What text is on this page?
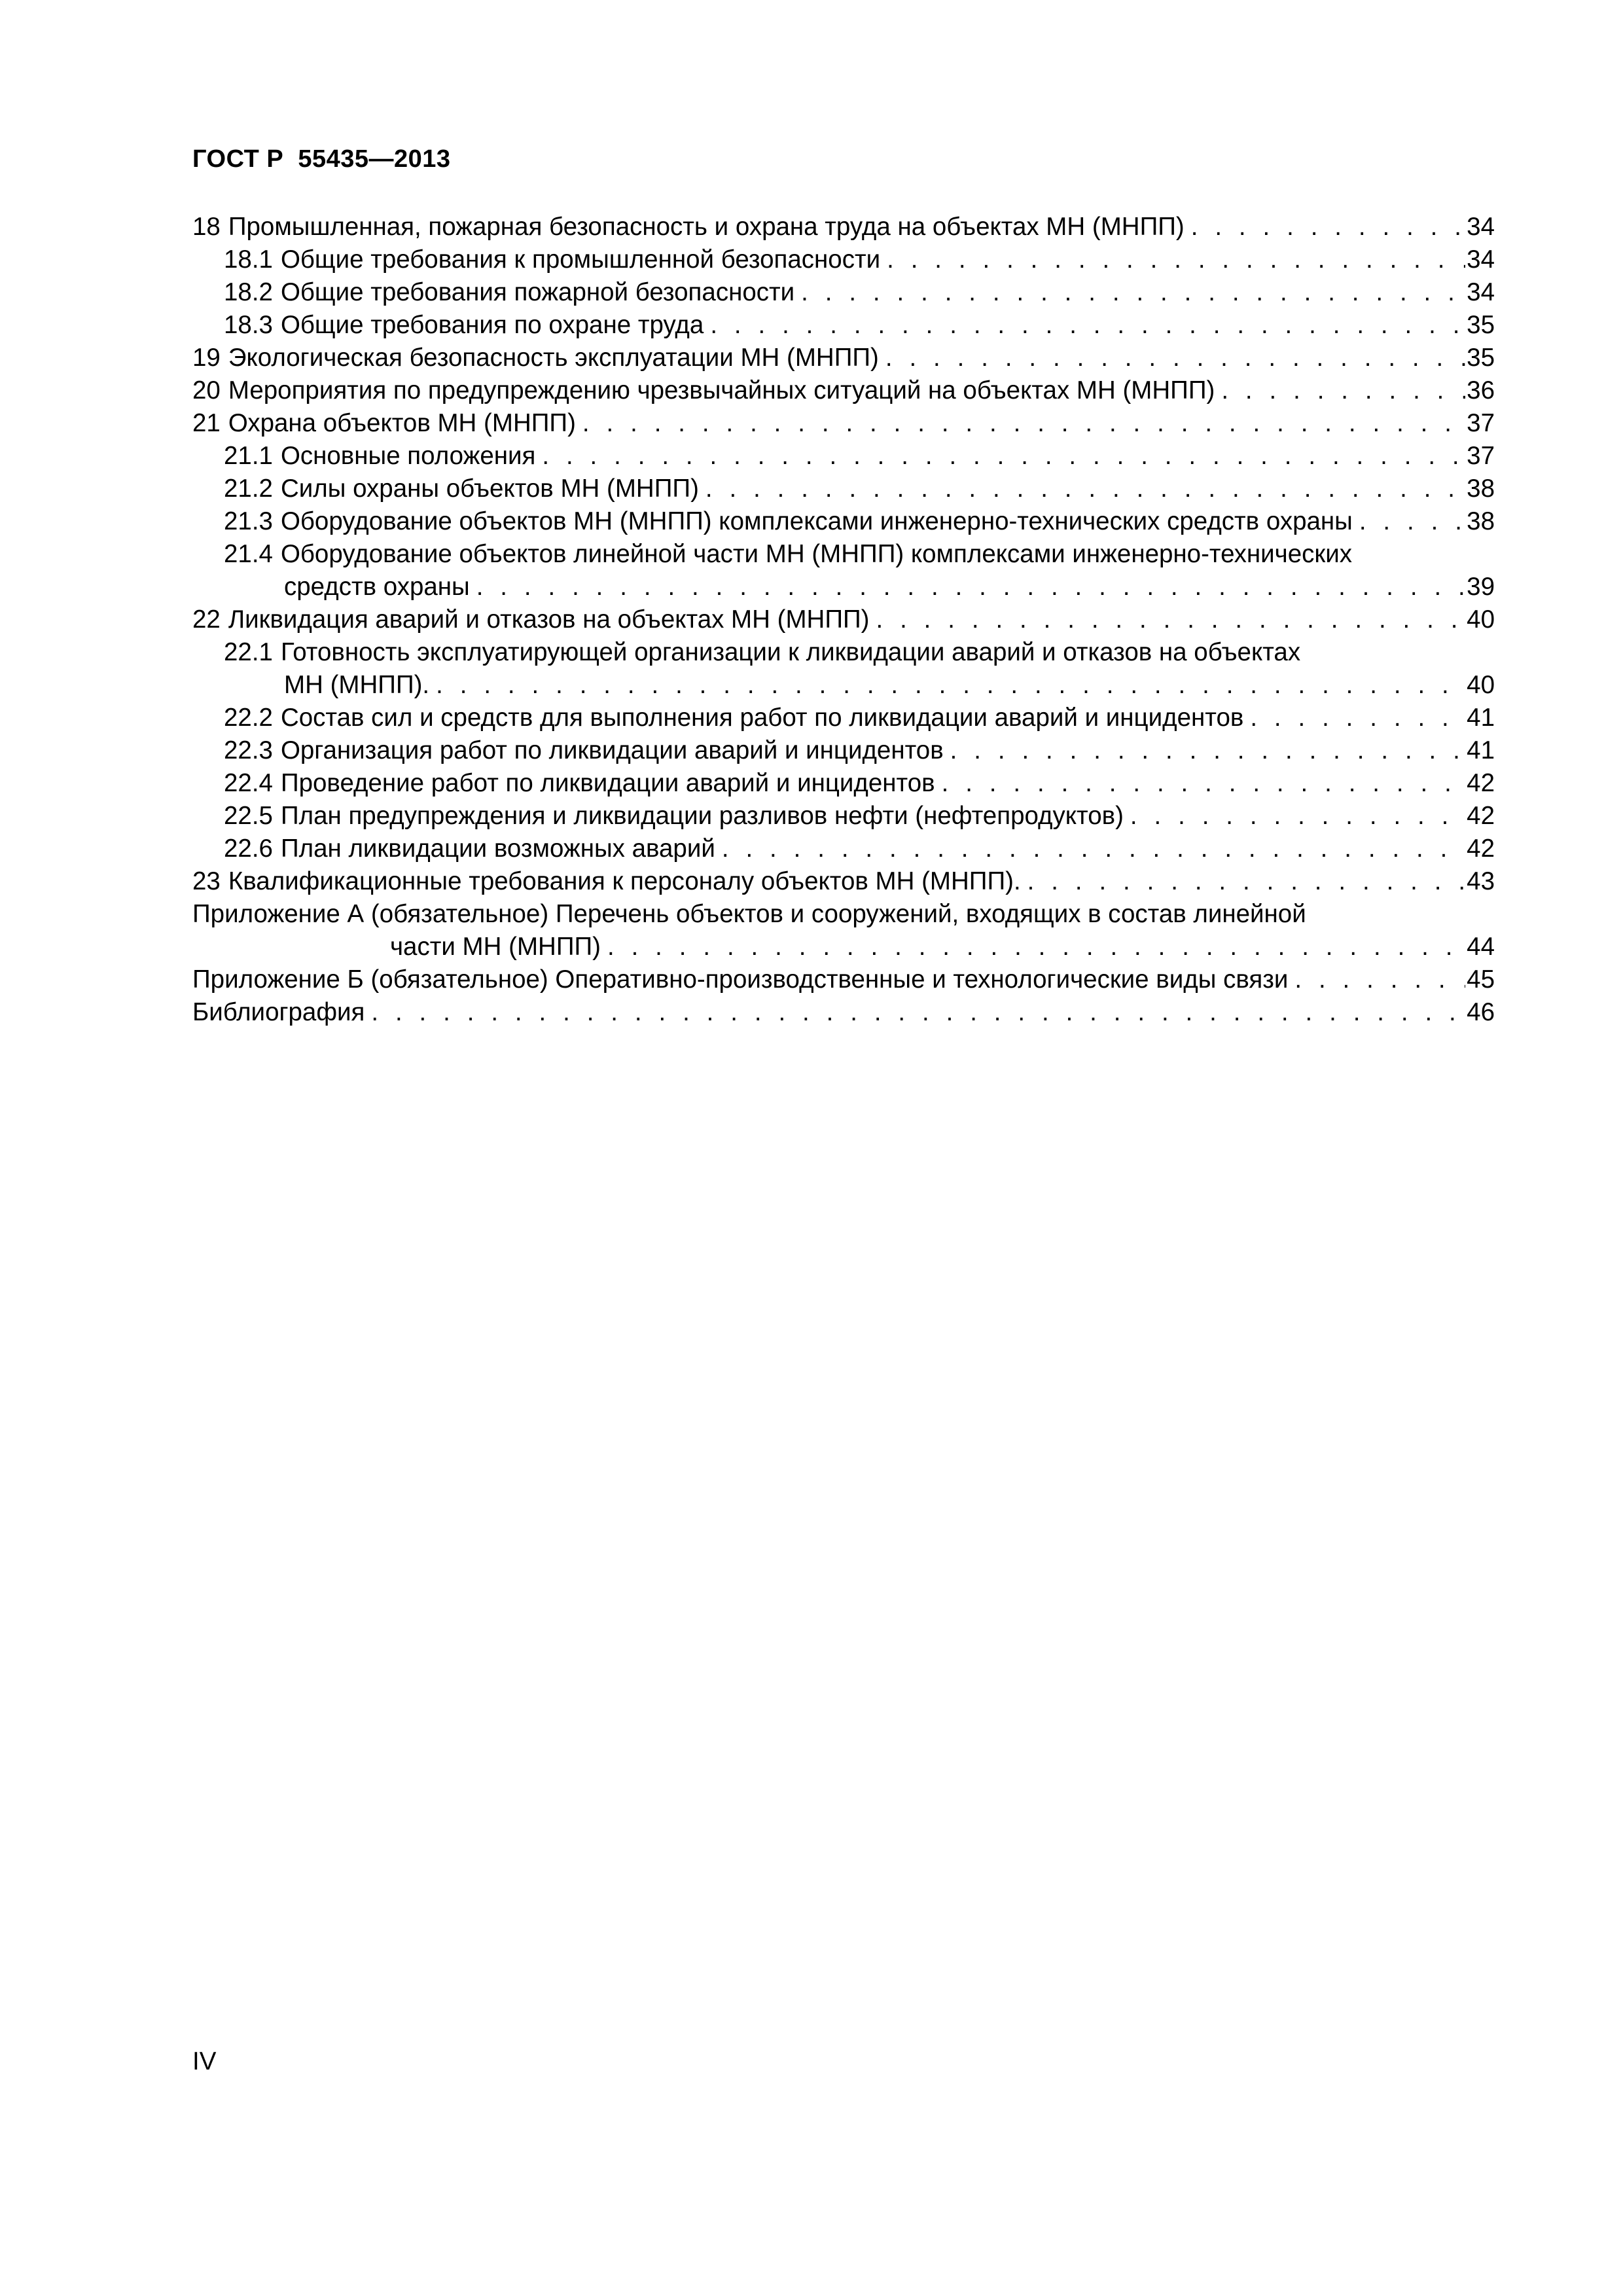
ГОСТ Р  55435—2013
18 Промышленная, пожарная безопасность и охрана труда на объектах МН (МНПП) . . .	34
18.1 Общие требования к промышленной безопасности . . .	34
18.2 Общие требования пожарной безопасности . . .	34
18.3 Общие требования по охране труда . . .	35
19 Экологическая безопасность эксплуатации МН (МНПП) . . .	35
20 Мероприятия по предупреждению чрезвычайных ситуаций на объектах МН (МНПП) . . .	36
21 Охрана объектов МН (МНПП) . . .	37
21.1 Основные положения . . .	37
21.2 Силы охраны объектов МН (МНПП) . . .	38
21.3 Оборудование объектов МН (МНПП) комплексами инженерно-технических средств охраны . . .	38
21.4 Оборудование объектов линейной части МН (МНПП) комплексами инженерно-технических
средств охраны . . .	39
22 Ликвидация аварий и отказов на объектах МН (МНПП) . . .	40
22.1 Готовность эксплуатирующей организации к ликвидации аварий и отказов на объектах
МН (МНПП). . . .	40
22.2 Состав сил и средств для выполнения работ по ликвидации аварий и инцидентов . . .	41
22.3 Организация работ по ликвидации аварий и инцидентов . . .	41
22.4 Проведение работ по ликвидации аварий и инцидентов . . .	42
22.5 План предупреждения и ликвидации разливов нефти (нефтепродуктов) . . .	42
22.6 План ликвидации возможных аварий . . .	42
23 Квалификационные требования к персоналу объектов МН (МНПП). . . .	43
Приложение А (обязательное) Перечень объектов и сооружений, входящих в состав линейной
части МН (МНПП) . . .	44
Приложение Б (обязательное) Оперативно-производственные и технологические виды связи . . .	45
Библиография . . .	46
IV
